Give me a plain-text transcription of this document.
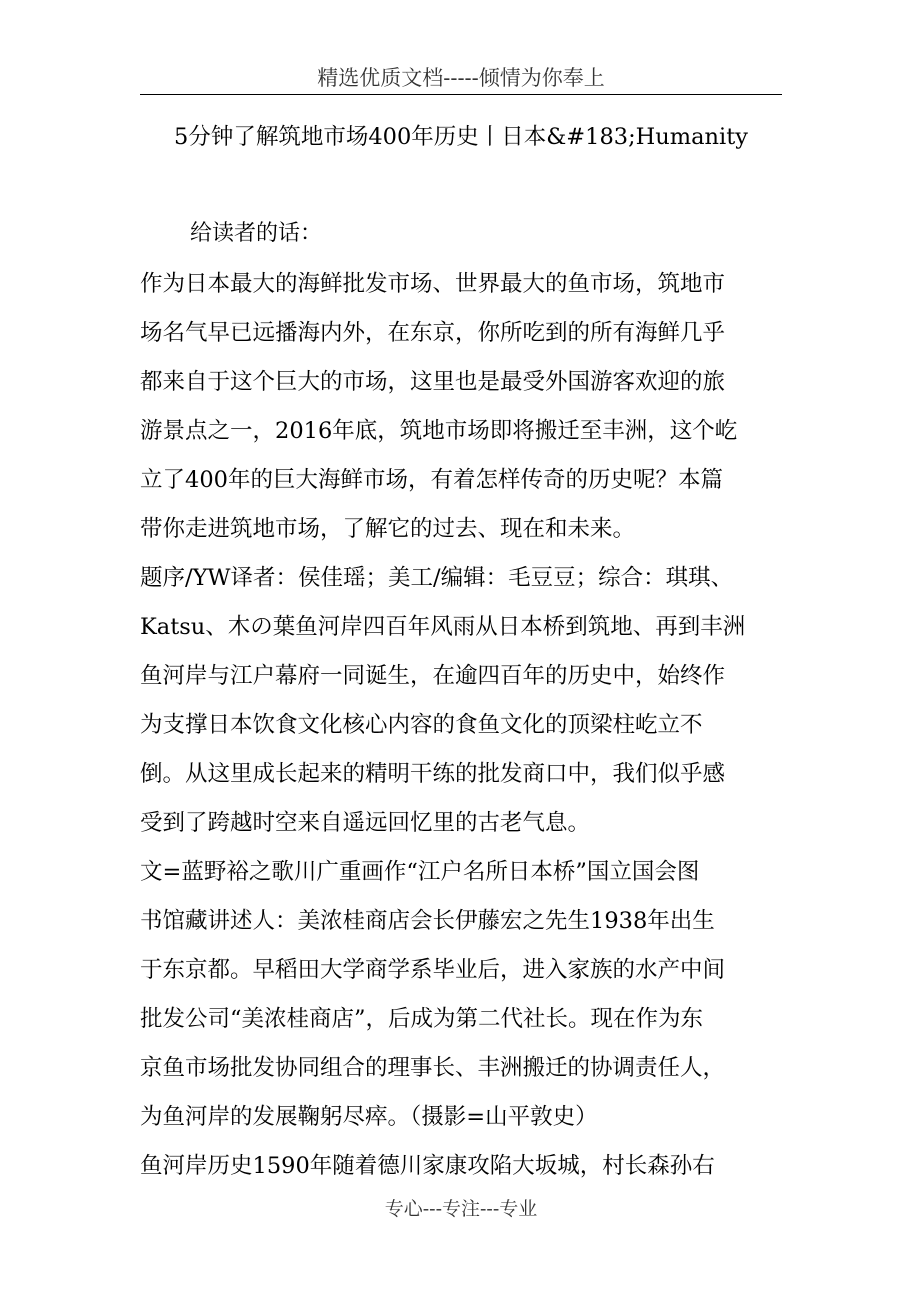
精选优质文档-----倾情为你奉上
5分钟了解筑地市场400年历史丨日本&#183;Humanity
给读者的话：
作为日本最大的海鲜批发市场、世界最大的鱼市场，筑地市
场名气早已远播海内外，在东京，你所吃到的所有海鲜几乎
都来自于这个巨大的市场，这里也是最受外国游客欢迎的旅
游景点之一，2016年底，筑地市场即将搬迁至丰洲，这个屹
立了400年的巨大海鲜市场，有着怎样传奇的历史呢？本篇
带你走进筑地市场，了解它的过去、现在和未来。
题序/YW译者：侯佳瑶；美工/编辑：毛豆豆；综合：琪琪、
Katsu、木の葉鱼河岸四百年风雨从日本桥到筑地、再到丰洲
鱼河岸与江户幕府一同诞生，在逾四百年的历史中，始终作
为支撑日本饮食文化核心内容的食鱼文化的顶梁柱屹立不
倒。从这里成长起来的精明干练的批发商口中，我们似乎感
受到了跨越时空来自遥远回忆里的古老气息。
文=蓝野裕之歌川广重画作“江户名所日本桥”国立国会图
书馆藏讲述人：美浓桂商店会长伊藤宏之先生1938年出生
于东京都。早稻田大学商学系毕业后，进入家族的水产中间
批发公司“美浓桂商店”，后成为第二代社长。现在作为东
京鱼市场批发协同组合的理事长、丰洲搬迁的协调责任人，
为鱼河岸的发展鞠躬尽瘁。（摄影=山平敦史）
鱼河岸历史1590年随着德川家康攻陷大坂城，村长森孙右
专心---专注---专业
